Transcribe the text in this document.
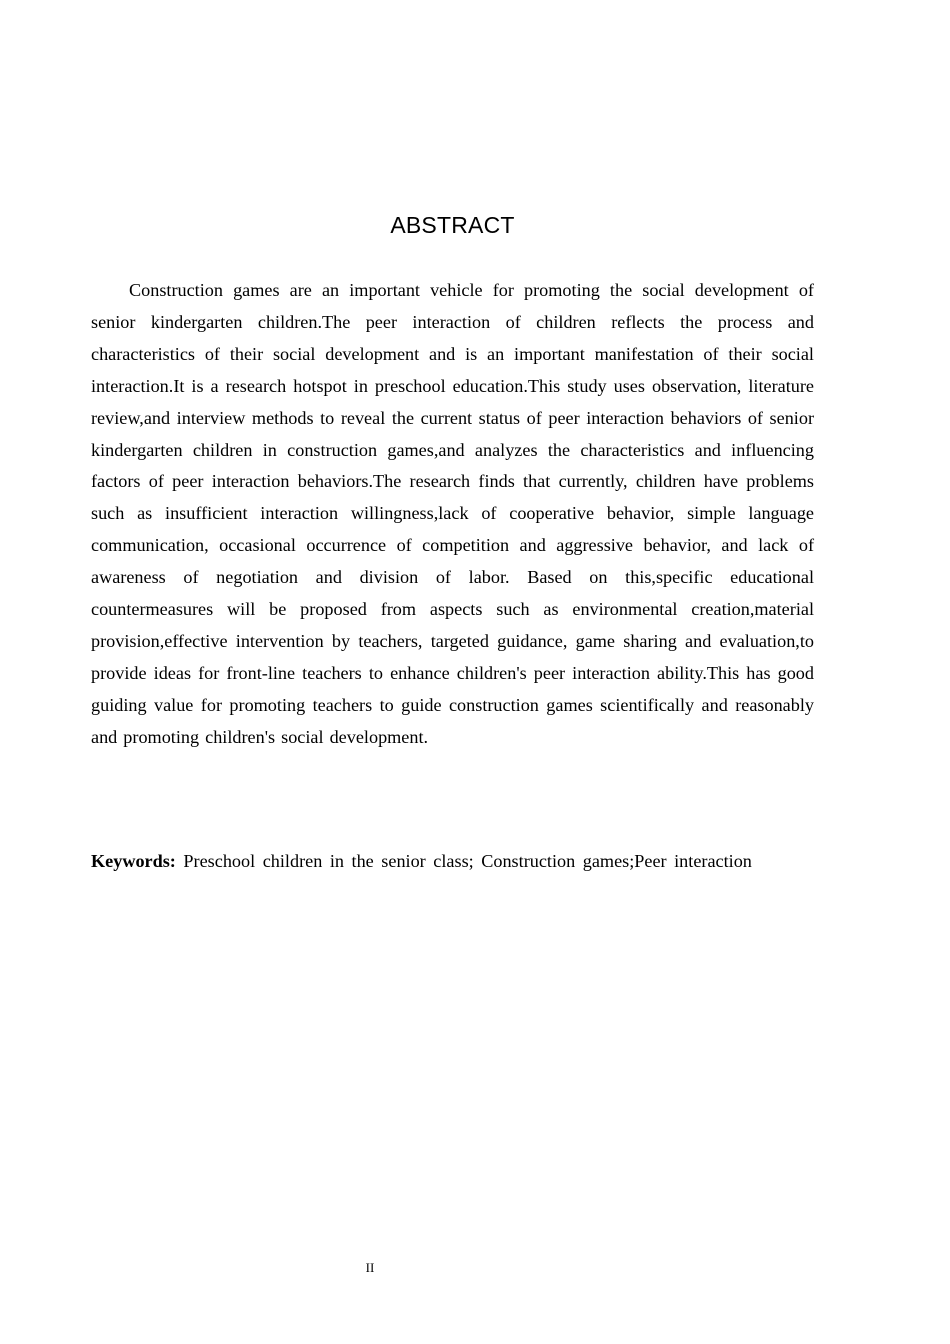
ABSTRACT

Construction games are an important vehicle for promoting the social development of senior kindergarten children.The peer interaction of children reflects the process and characteristics of their social development and is an important manifestation of their social interaction.It is a research hotspot in preschool education.This study uses observation, literature review,and interview methods to reveal the current status of peer interaction behaviors of senior kindergarten children in construction games,and analyzes the characteristics and influencing factors of peer interaction behaviors.The research finds that currently, children have problems such as insufficient interaction willingness,lack of cooperative behavior, simple language communication, occasional occurrence of competition and aggressive behavior, and lack of awareness of negotiation and division of labor. Based on this,specific educational countermeasures will be proposed from aspects such as environmental creation,material provision,effective intervention by teachers, targeted guidance, game sharing and evaluation,to provide ideas for front-line teachers to enhance children's peer interaction ability.This has good guiding value for promoting teachers to guide construction games scientifically and reasonably and promoting children's social development.

Keywords: Preschool children in the senior class; Construction games;Peer interaction

II
